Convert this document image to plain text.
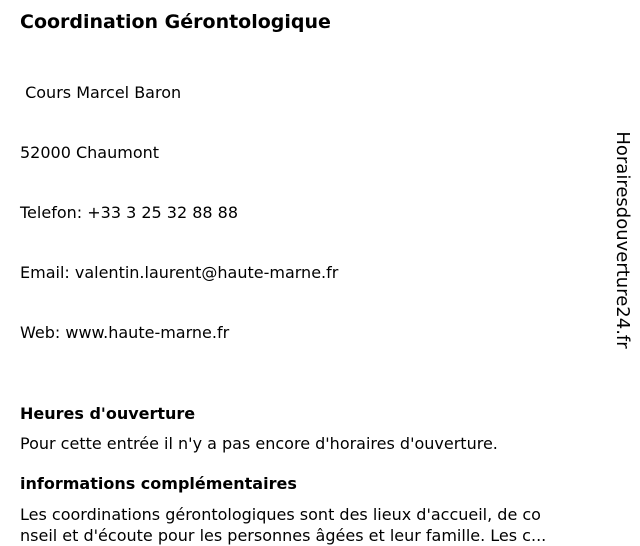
Coordination Gérontologique

Cours Marcel Baron

52000 Chaumont

Telefon: +33 3 25 32 88 88

Email: valentin.laurent@haute-marne.fr

Web: www.haute-marne.fr

Heures d'ouverture
Pour cette entrée il n'y a pas encore d'horaires d'ouverture.
informations complémentaires
Les coordinations gérontologiques sont des lieux d'accueil, de co
nseil et d'écoute pour les personnes âgées et leur famille. Les c...
Horairesdouverture24.fr
